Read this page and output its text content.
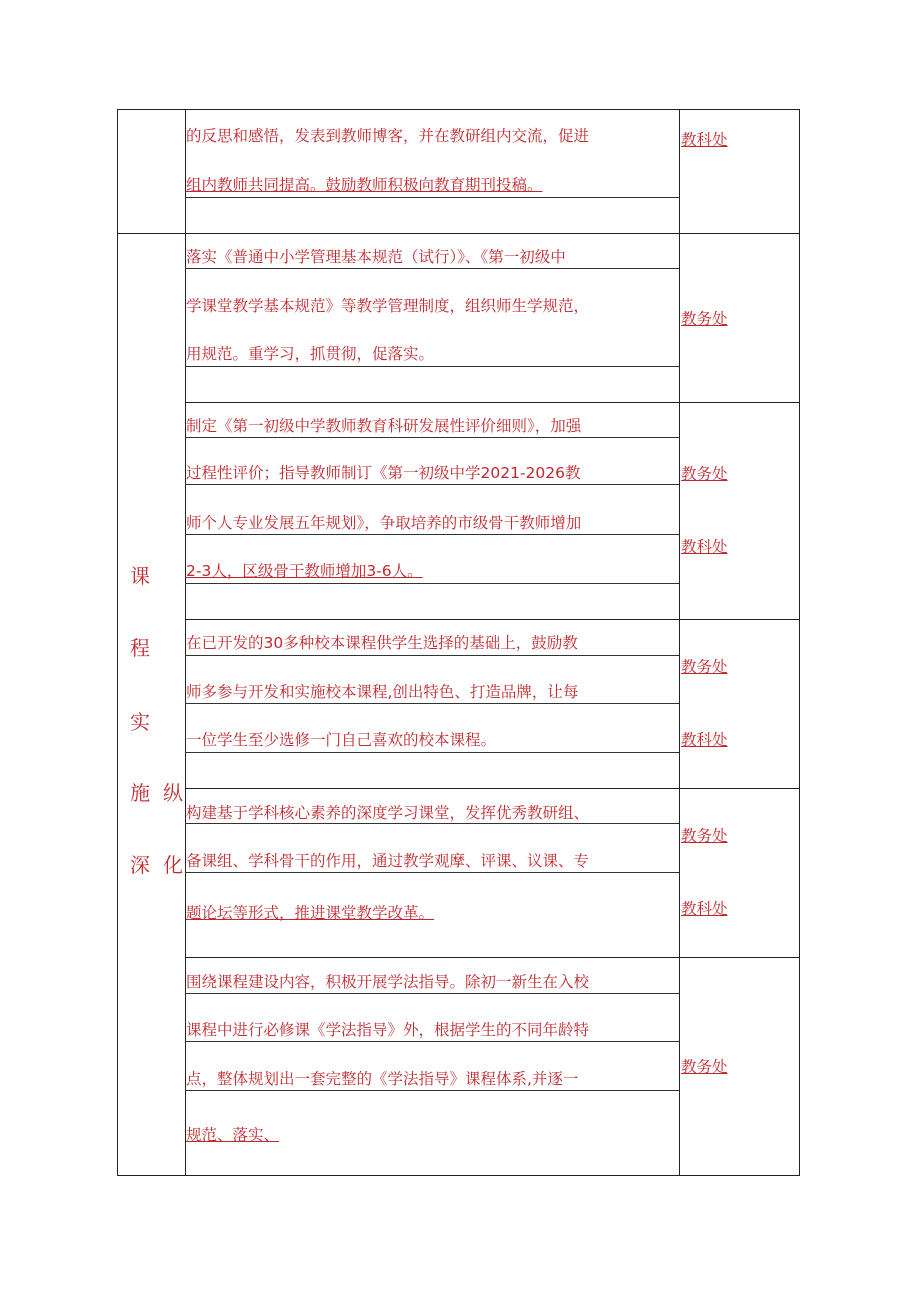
课
程
实
施
深
纵
化
的反思和感悟，发表到教师博客，并在教研组内交流，促进
组内教师共同提高。鼓励教师积极向教育期刊投稿。
教科处
落实《普通中小学管理基本规范（试行）》、《第一初级中
学课堂教学基本规范》等教学管理制度，组织师生学规范，
用规范。重学习，抓贯彻，促落实。
教务处
制定《第一初级中学教师教育科研发展性评价细则》，加强
过程性评价；指导教师制订《第一初级中学2021-2026教
师个人专业发展五年规划》，争取培养的市级骨干教师增加
2-3人，区级骨干教师增加3-6人。
教务处
教科处
在已开发的30多种校本课程供学生选择的基础上，鼓励教
师多参与开发和实施校本课程,创出特色、打造品牌，让每
一位学生至少选修一门自己喜欢的校本课程。
教务处
教科处
构建基于学科核心素养的深度学习课堂，发挥优秀教研组、
备课组、学科骨干的作用，通过教学观摩、评课、议课、专
题论坛等形式，推进课堂教学改革。
教务处
教科处
围绕课程建设内容，积极开展学法指导。除初一新生在入校
课程中进行必修课《学法指导》外，根据学生的不同年龄特
点，整体规划出一套完整的《学法指导》课程体系,并逐一
规范、落实、
教务处
